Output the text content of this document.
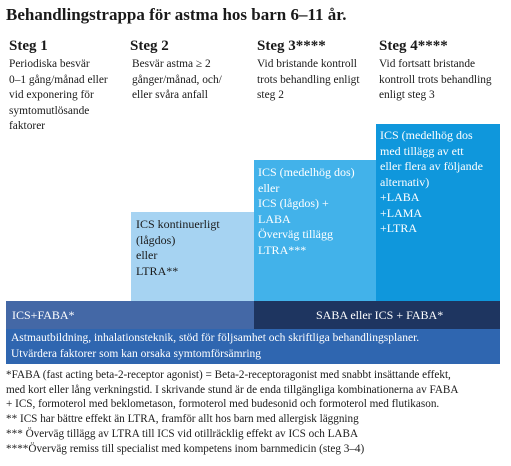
Behandlingstrappa för astma hos barn 6–11 år.
Steg 1	Steg 2	Steg 3****	Steg 4****
Periodiska besvär
0–1 gång/månad eller
vid exponering för
symtomutlösande
faktorer
Besvär astma ≥ 2
gånger/månad, och/
eller svåra anfall
Vid bristande kontroll
trots behandling enligt
steg 2
Vid fortsatt bristande
kontroll trots behandling
enligt steg 3
ICS kontinuerligt
(lågdos)
eller
LTRA**
ICS (medelhög dos)
eller
ICS (lågdos) +
LABA
Överväg tillägg
LTRA***
ICS (medelhög dos
med tillägg av ett
eller flera av följande
alternativ)
+LABA
+LAMA
+LTRA
ICS+FABA*	SABA eller ICS + FABA*
Astmautbildning, inhalationsteknik, stöd för följsamhet och skriftliga behandlingsplaner.
Utvärdera faktorer som kan orsaka symtomförsämring
*FABA (fast acting beta-2-receptor agonist) = Beta-2-receptoragonist med snabbt insättande effekt,
med kort eller lång verkningstid. I skrivande stund är de enda tillgängliga kombinationerna av FABA
+ ICS, formoterol med beklometason, formoterol med budesonid och formoterol med flutikason.
** ICS har bättre effekt än LTRA, framför allt hos barn med allergisk läggning
*** Överväg tillägg av LTRA till ICS vid otillräcklig effekt av ICS och LABA
****Överväg remiss till specialist med kompetens inom barnmedicin (steg 3–4)
